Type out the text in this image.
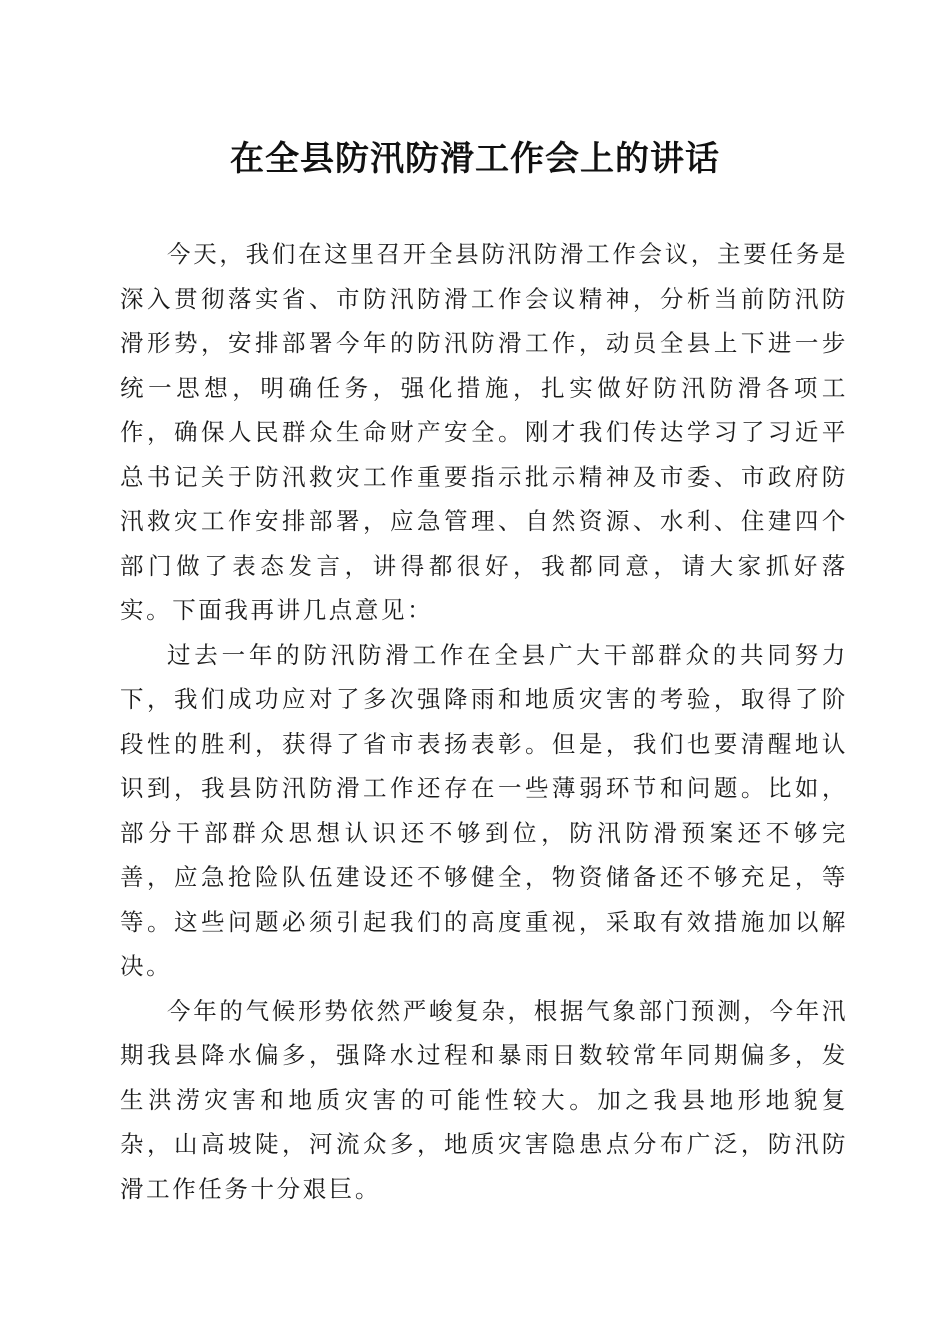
在全县防汛防滑工作会上的讲话

今天，我们在这里召开全县防汛防滑工作会议，主要任务是深入贯彻落实省、市防汛防滑工作会议精神，分析当前防汛防滑形势，安排部署今年的防汛防滑工作，动员全县上下进一步统一思想，明确任务，强化措施，扎实做好防汛防滑各项工作，确保人民群众生命财产安全。刚才我们传达学习了习近平总书记关于防汛救灾工作重要指示批示精神及市委、市政府防汛救灾工作安排部署，应急管理、自然资源、水利、住建四个部门做了表态发言，讲得都很好，我都同意，请大家抓好落实。下面我再讲几点意见：

过去一年的防汛防滑工作在全县广大干部群众的共同努力下，我们成功应对了多次强降雨和地质灾害的考验，取得了阶段性的胜利，获得了省市表扬表彰。但是，我们也要清醒地认识到，我县防汛防滑工作还存在一些薄弱环节和问题。比如，部分干部群众思想认识还不够到位，防汛防滑预案还不够完善，应急抢险队伍建设还不够健全，物资储备还不够充足，等等。这些问题必须引起我们的高度重视，采取有效措施加以解决。

今年的气候形势依然严峻复杂，根据气象部门预测，今年汛期我县降水偏多，强降水过程和暴雨日数较常年同期偏多，发生洪涝灾害和地质灾害的可能性较大。加之我县地形地貌复杂，山高坡陡，河流众多，地质灾害隐患点分布广泛，防汛防滑工作任务十分艰巨。
